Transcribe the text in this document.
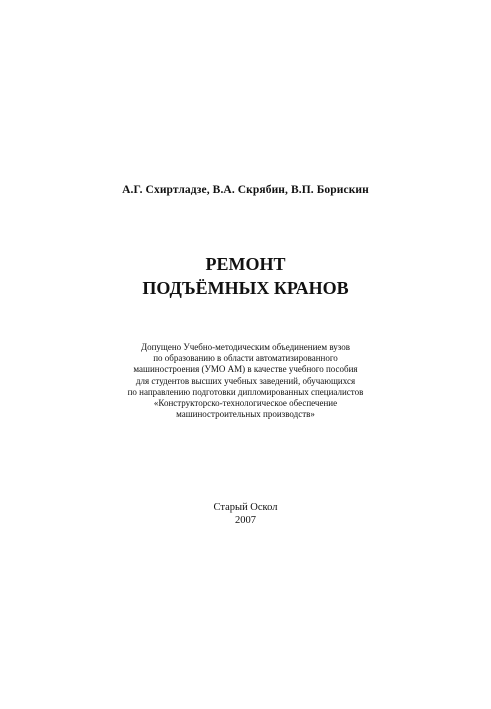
А.Г. Схиртладзе, В.А. Скрябин, В.П. Борискин
РЕМОНТ
ПОДЪЁМНЫХ КРАНОВ
Допущено Учебно-методическим объединением вузов
по образованию в области автоматизированного
машиностроения (УМО АМ) в качестве учебного пособия
для студентов высших учебных заведений, обучающихся
по направлению подготовки дипломированных специалистов
«Конструкторско-технологическое обеспечение
машиностроительных производств»
Старый Оскол
2007
